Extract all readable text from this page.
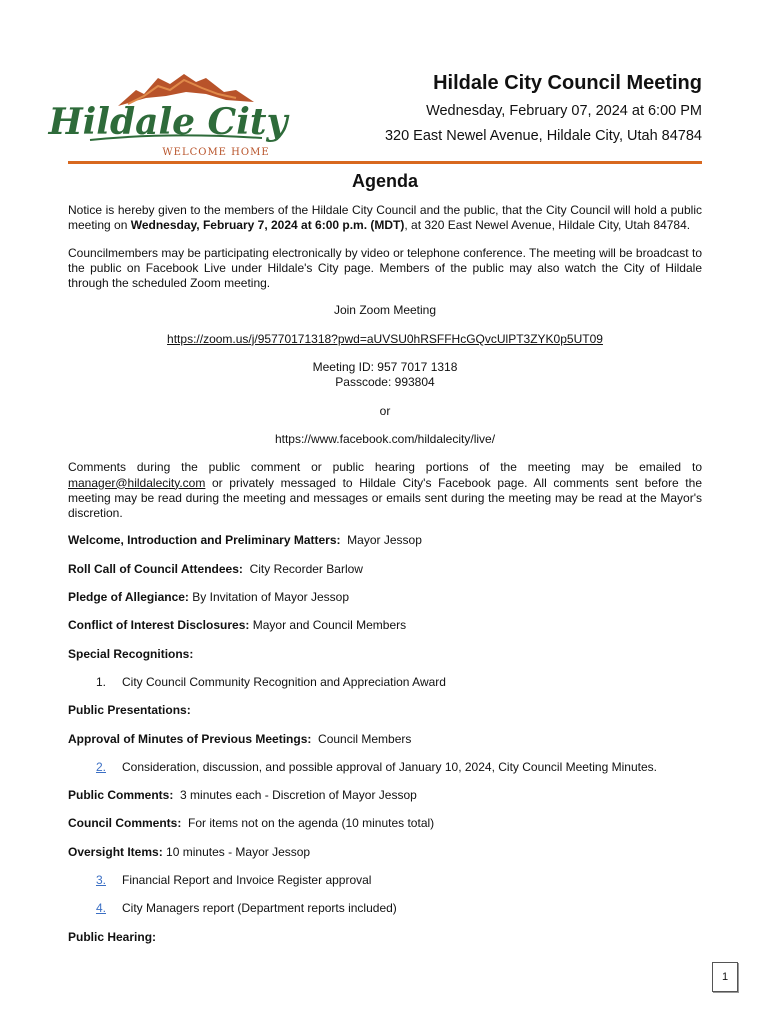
Hildale City
WELCOME HOME
Hildale City Council Meeting
Wednesday, February 07, 2024 at 6:00 PM
320 East Newel Avenue, Hildale City, Utah 84784
Agenda

Notice is hereby given to the members of the Hildale City Council and the public, that the City Council will hold a public meeting on Wednesday, February 7, 2024 at 6:00 p.m. (MDT), at 320 East Newel Avenue, Hildale City, Utah 84784.

Councilmembers may be participating electronically by video or telephone conference. The meeting will be broadcast to the public on Facebook Live under Hildale's City page. Members of the public may also watch the City of Hildale through the scheduled Zoom meeting.

Join Zoom Meeting

https://zoom.us/j/95770171318?pwd=aUVSU0hRSFFHcGQvcUlPT3ZYK0p5UT09

Meeting ID: 957 7017 1318
Passcode: 993804

or

https://www.facebook.com/hildalecity/live/

Comments during the public comment or public hearing portions of the meeting may be emailed to manager@hildalecity.com or privately messaged to Hildale City's Facebook page. All comments sent before the meeting may be read during the meeting and messages or emails sent during the meeting may be read at the Mayor's discretion.

Welcome, Introduction and Preliminary Matters: Mayor Jessop
Roll Call of Council Attendees: City Recorder Barlow
Pledge of Allegiance: By Invitation of Mayor Jessop
Conflict of Interest Disclosures: Mayor and Council Members
Special Recognitions:
1.	City Council Community Recognition and Appreciation Award
Public Presentations:
Approval of Minutes of Previous Meetings: Council Members
2.	Consideration, discussion, and possible approval of January 10, 2024, City Council Meeting Minutes.
Public Comments: 3 minutes each - Discretion of Mayor Jessop
Council Comments: For items not on the agenda (10 minutes total)
Oversight Items: 10 minutes - Mayor Jessop
3.	Financial Report and Invoice Register approval
4.	City Managers report (Department reports included)
Public Hearing:
1
